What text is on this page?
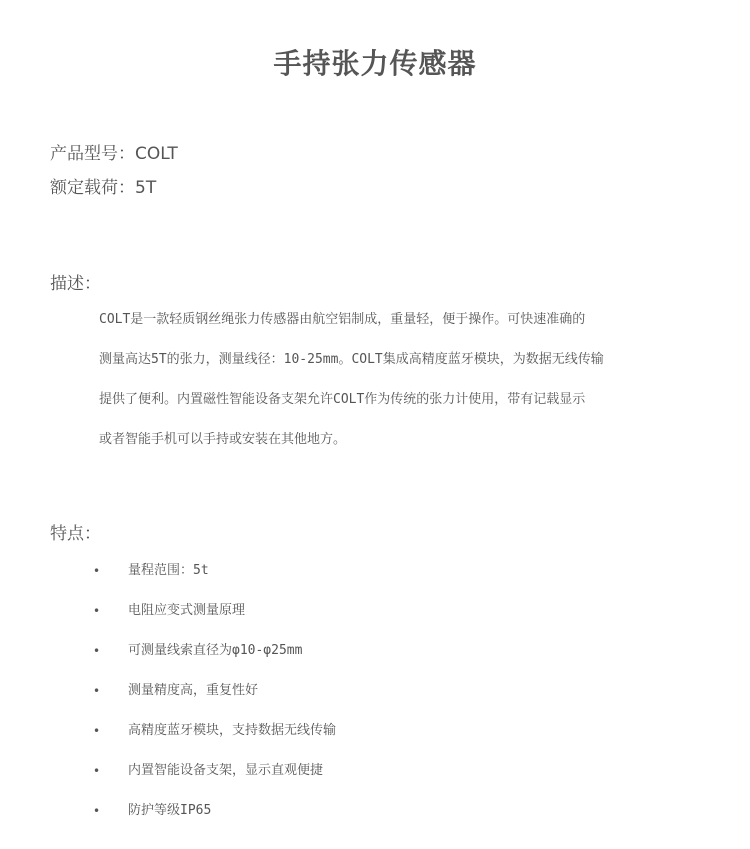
手持张力传感器
产品型号：COLT
额定载荷：5T
描述：
COLT是一款轻质钢丝绳张力传感器由航空铝制成，重量轻，便于操作。可快速准确的
测量高达5T的张力，测量线径：10-25mm。COLT集成高精度蓝牙模块，为数据无线传输
提供了便利。内置磁性智能设备支架允许COLT作为传统的张力计使用，带有记载显示
或者智能手机可以手持或安装在其他地方。
特点：
• 量程范围：5t
• 电阻应变式测量原理
• 可测量线索直径为φ10-φ25mm
• 测量精度高，重复性好
• 高精度蓝牙模块，支持数据无线传输
• 内置智能设备支架，显示直观便捷
• 防护等级IP65
